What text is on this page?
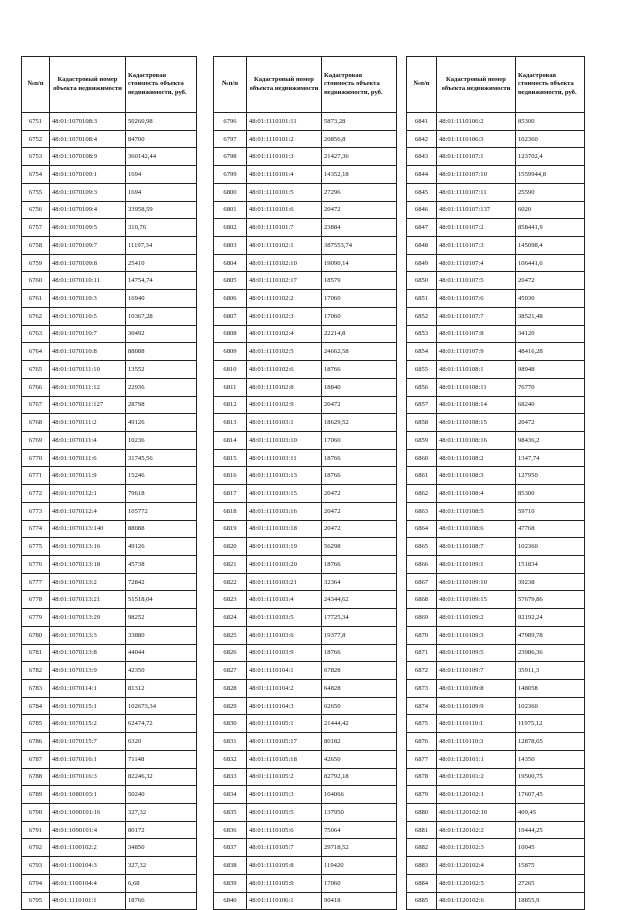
№п/п	Кадастровый номер объекта недвижимости	Кадастровая стоимость объекта недвижимости, руб.
6751	48:01:1070108:3	50260,98
6752	48:01:1070108:4	84700
6753	48:01:1070108:9	360142,44
6754	48:01:1070109:1	1694
6755	48:01:1070109:3	1694
6756	48:01:1070109:4	33958,59
6757	48:01:1070109:5	310,76
6758	48:01:1070109:7	11197,34
6759	48:01:1070109:8	25410
6760	48:01:1070110:11	14754,74
6761	48:01:1070110:3	16940
6762	48:01:1070110:5	10367,28
6763	48:01:1070110:7	30492
6764	48:01:1070110:8	88088
6765	48:01:1070111:10	13552
6766	48:01:1070111:12	22936
6767	48:01:1070111:127	28798
6768	48:01:1070111:2	49126
6769	48:01:1070111:4	10236
6770	48:01:1070111:6	31745,56
6771	48:01:1070111:9	15246
6772	48:01:1070112:1	79618
6773	48:01:1070112:4	105772
6774	48:01:1070113:140	88088
6775	48:01:1070113:16	49126
6776	48:01:1070113:18	45738
6777	48:01:1070113:2	72842
6778	48:01:1070113:21	51518,04
6779	48:01:1070113:29	98252
6780	48:01:1070113:3	33880
6781	48:01:1070113:8	44044
6782	48:01:1070113:9	42350
6783	48:01:1070114:1	81312
6784	48:01:1070115:1	102673,34
6785	48:01:1070115:2	62474,72
6786	48:01:1070115:7	6320
6787	48:01:1070116:1	71148
6788	48:01:1070116:3	82246,32
6789	48:01:1080103:1	50240
6790	48:01:1090101:16	327,32
6791	48:01:1090101:4	80172
6792	48:01:1100102:2	34850
6793	48:01:1100104:3	327,32
6794	48:01:1100104:4	6,68
6795	48:01:1110101:1	18766
№п/п	Кадастровый номер объекта недвижимости	Кадастровая стоимость объекта недвижимости, руб.
6796	48:01:1110101:11	5873,28
6797	48:01:1110101:2	20856,8
6798	48:01:1110101:3	21427,36
6799	48:01:1110101:4	14352,18
6800	48:01:1110101:5	27296
6801	48:01:1110101:6	20472
6802	48:01:1110101:7	23884
6803	48:01:1110102:1	387553,74
6804	48:01:1110102:10	19090,14
6805	48:01:1110102:17	18579
6806	48:01:1110102:2	17060
6807	48:01:1110102:3	17060
6808	48:01:1110102:4	22214,8
6809	48:01:1110102:5	24662,58
6810	48:01:1110102:6	18766
6811	48:01:1110102:8	18840
6812	48:01:1110102:9	20472
6813	48:01:1110103:1	18629,52
6814	48:01:1110103:10	17060
6815	48:01:1110103:11	18766
6816	48:01:1110103:13	18766
6817	48:01:1110103:15	20472
6818	48:01:1110103:16	20472
6819	48:01:1110103:18	20472
6820	48:01:1110103:19	56298
6821	48:01:1110103:20	18766
6822	48:01:1110103:21	32364
6823	48:01:1110103:4	24344,62
6824	48:01:1110103:5	17725,34
6825	48:01:1110103:6	19377,8
6826	48:01:1110103:9	18766
6827	48:01:1110104:1	67828
6828	48:01:1110104:2	64828
6829	48:01:1110104:3	62650
6830	48:01:1110105:1	21444,42
6831	48:01:1110105:17	80182
6832	48:01:1110105:18	42650
6833	48:01:1110105:2	82792,18
6834	48:01:1110105:3	104066
6835	48:01:1110105:5	137950
6836	48:01:1110105:6	75064
6837	48:01:1110105:7	29718,52
6838	48:01:1110105:8	119420
6839	48:01:1110105:9	17060
6840	48:01:1110106:1	90418
№п/п	Кадастровый номер объекта недвижимости	Кадастровая стоимость объекта недвижимости, руб.
6841	48:01:1110106:2	85300
6842	48:01:1110106:3	102360
6843	48:01:1110107:1	123702,4
6844	48:01:1110107:10	1559944,8
6845	48:01:1110107:11	25590
6846	48:01:1110107:137	6020
6847	48:01:1110107:2	858441,9
6848	48:01:1110107:3	145098,4
6849	48:01:1110107:4	106441,6
6850	48:01:1110107:5	20472
6851	48:01:1110107:6	45030
6852	48:01:1110107:7	38521,48
6853	48:01:1110107:8	34120
6854	48:01:1110107:9	48416,28
6855	48:01:1110108:1	98948
6856	48:01:1110108:11	76770
6857	48:01:1110108:14	68240
6858	48:01:1110108:15	20472
6859	48:01:1110108:16	98436,2
6860	48:01:1110108:2	1347,74
6861	48:01:1110108:3	127950
6862	48:01:1110108:4	85300
6863	48:01:1110108:5	59710
6864	48:01:1110108:6	47768
6865	48:01:1110108:7	102360
6866	48:01:1110109:1	151834
6867	48:01:1110109:10	39238
6868	48:01:1110109:15	57679,86
6869	48:01:1110109:2	92192,24
6870	48:01:1110109:3	47989,78
6871	48:01:1110109:5	23986,36
6872	48:01:1110109:7	35911,3
6873	48:01:1110109:8	148058
6874	48:01:1110109:9	102360
6875	48:01:1110110:1	11975,12
6876	48:01:1110110:3	12878,65
6877	48:01:1120101:1	14350
6878	48:01:1120101:2	19500,75
6879	48:01:1120102:1	17607,45
6880	48:01:1120102:10	409,45
6881	48:01:1120102:2	19444,25
6882	48:01:1120102:3	10045
6883	48:01:1120102:4	15875
6884	48:01:1120102:5	27265
6885	48:01:1120102:6	18855,9
